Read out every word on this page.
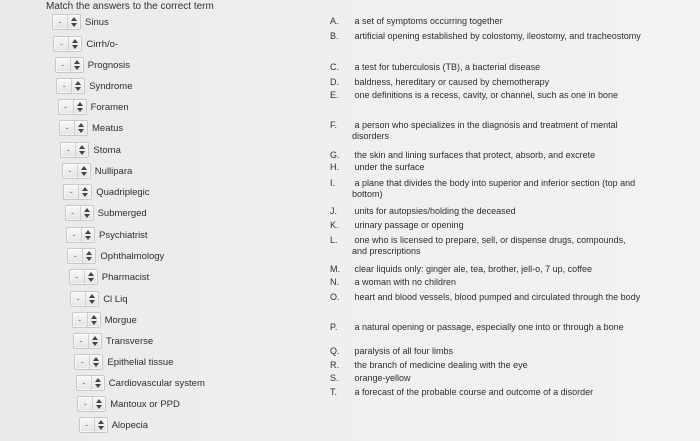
Match the answers to the correct term
-	Sinus
-	Cirrh/o-
-	Prognosis
-	Syndrome
-	Foramen
-	Meatus
-	Stoma
-	Nullipara
-	Quadriplegic
-	Submerged
-	Psychiatrist
-	Ophthalmology
-	Pharmacist
-	Cl Liq
-	Morgue
-	Transverse
-	Epithelial tissue
-	Cardiovascular system
-	Mantoux or PPD
-	Alopecia
A. a set of symptoms occurring together
B. artificial opening established by colostomy, ileostomy, and tracheostomy
C. a test for tuberculosis (TB), a bacterial disease
D. baldness, hereditary or caused by chemotherapy
E. one definitions is a recess, cavity, or channel, such as one in bone
F. a person who specializes in the diagnosis and treatment of mental disorders
G. the skin and lining surfaces that protect, absorb, and excrete
H. under the surface
I. a plane that divides the body into superior and inferior section (top and bottom)
J. units for autopsies/holding the deceased
K. urinary passage or opening
L. one who is licensed to prepare, sell, or dispense drugs, compounds, and prescriptions
M. clear liquids only: ginger ale, tea, brother, jell-o, 7 up, coffee
N. a woman with no children
O. heart and blood vessels, blood pumped and circulated through the body
P. a natural opening or passage, especially one into or through a bone
Q. paralysis of all four limbs
R. the branch of medicine dealing with the eye
S. orange-yellow
T. a forecast of the probable course and outcome of a disorder
